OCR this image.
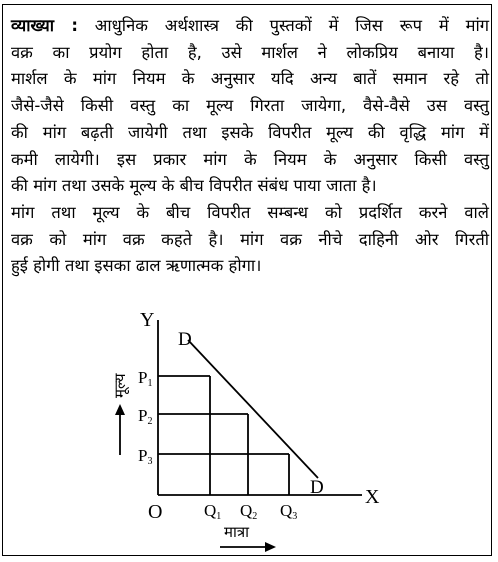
व्याख्या : आधुनिक अर्थशास्त्र की पुस्तकों में जिस रूप में मांग
वक्र का प्रयोग होता है, उसे मार्शल ने लोकप्रिय बनाया है।
मार्शल के मांग नियम के अनुसार यदि अन्य बातें समान रहे तो
जैसे-जैसे किसी वस्तु का मूल्य गिरता जायेगा, वैसे-वैसे उस वस्तु
की मांग बढ़ती जायेगी तथा इसके विपरीत मूल्य की वृद्धि मांग में
कमी लायेगी। इस प्रकार मांग के नियम के अनुसार किसी वस्तु
की मांग तथा उसके मूल्य के बीच विपरीत संबंध पाया जाता है।
मांग तथा मूल्य के बीच विपरीत सम्बन्ध को प्रदर्शित करने वाले
वक्र को मांग वक्र कहते है। मांग वक्र नीचे दाहिनी ओर गिरती
हुई होगी तथा इसका ढाल ऋणात्मक होगा।
Y
X
O
D
D
P1
P2
P3
Q1 Q2 Q3
मूल्य
मात्रा
